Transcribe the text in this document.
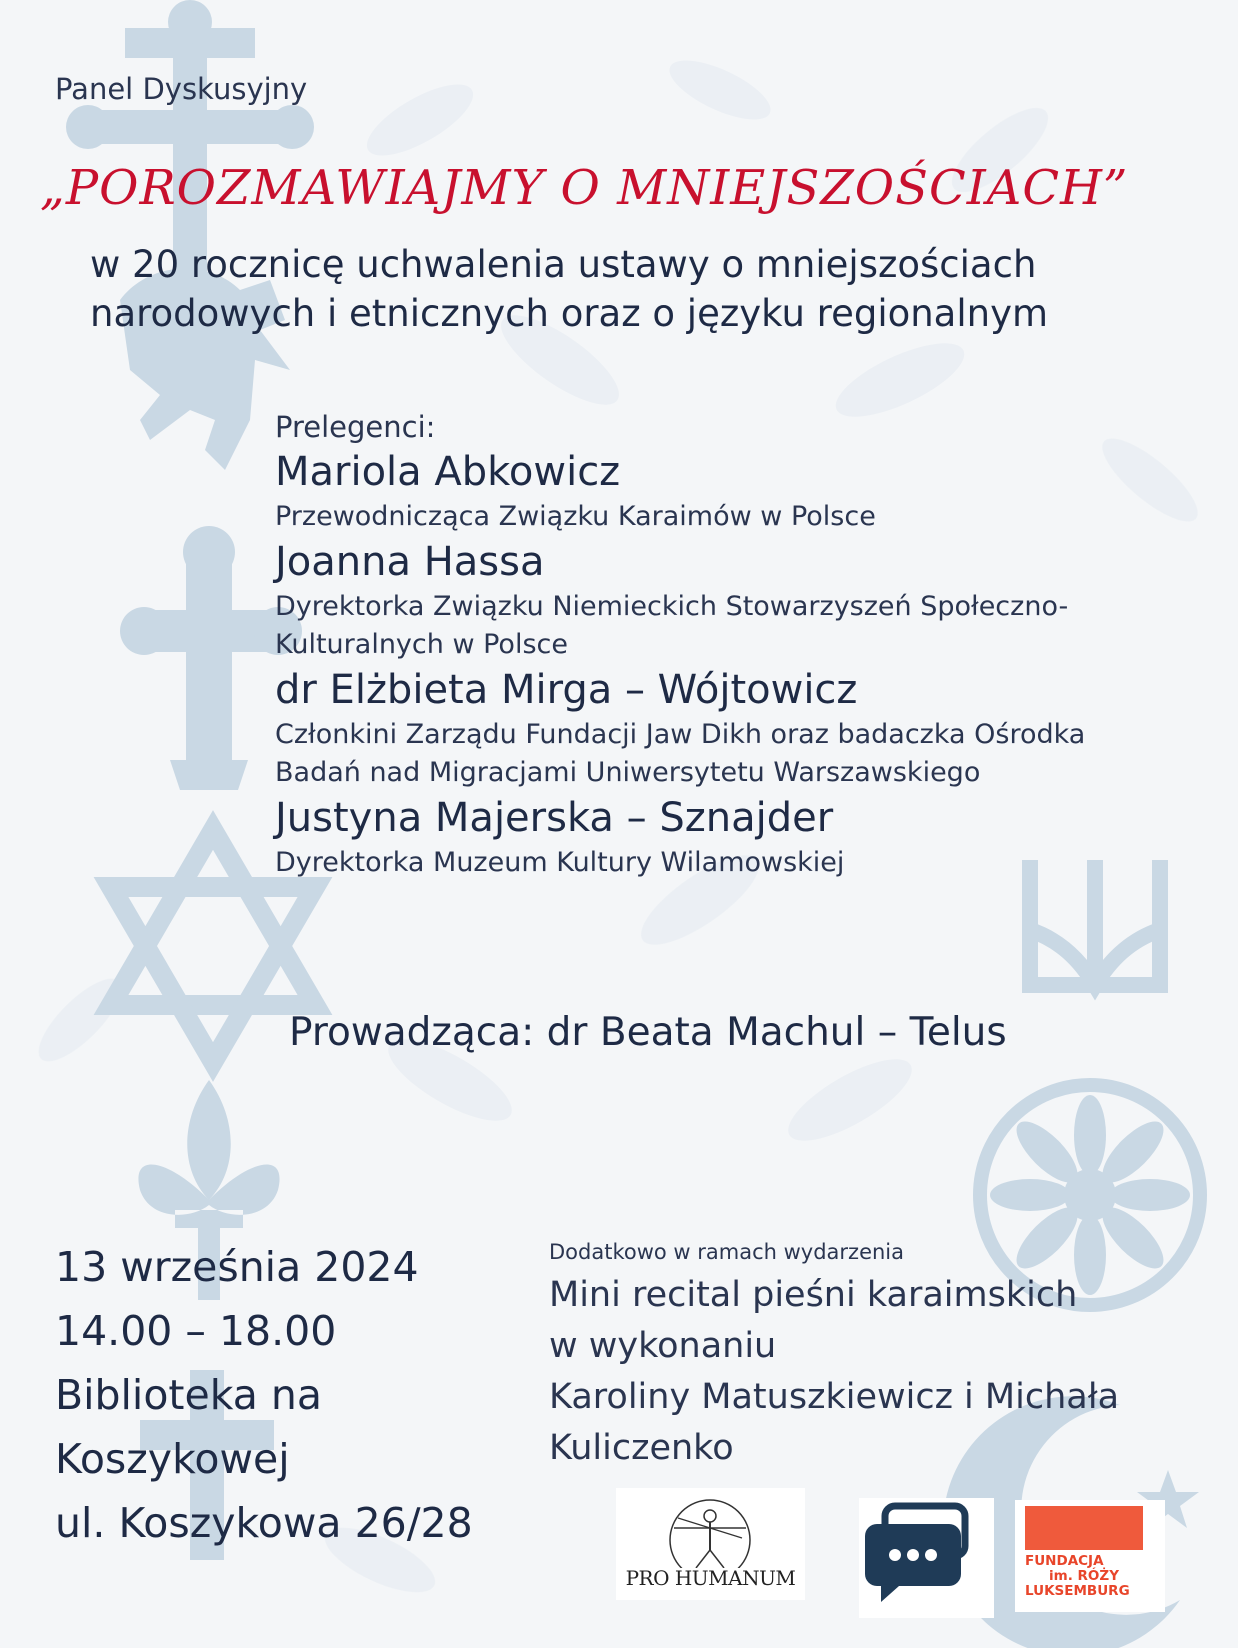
Panel Dyskusyjny
„POROZMAWIAJMY O MNIEJSZOŚCIACH”
w 20 rocznicę uchwalenia ustawy o mniejszościach
narodowych i etnicznych oraz o języku regionalnym
Prelegenci:
Mariola Abkowicz
Przewodnicząca Związku Karaimów w Polsce
Joanna Hassa
Dyrektorka Związku Niemieckich Stowarzyszeń Społeczno-
Kulturalnych w Polsce
dr Elżbieta Mirga – Wójtowicz
Członkini Zarządu Fundacji Jaw Dikh oraz badaczka Ośrodka
Badań nad Migracjami Uniwersytetu Warszawskiego
Justyna Majerska – Sznajder
Dyrektorka Muzeum Kultury Wilamowskiej
Prowadząca: dr Beata Machul – Telus
13 września 2024
14.00 – 18.00
Biblioteka na
Koszykowej
ul. Koszykowa 26/28
Dodatkowo w ramach wydarzenia
Mini recital pieśni karaimskich
w wykonaniu
Karoliny Matuszkiewicz i Michała
Kuliczenko
PRO HUMANUM
FUNDACJA
im. RÓŻY
LUKSEMBURG
